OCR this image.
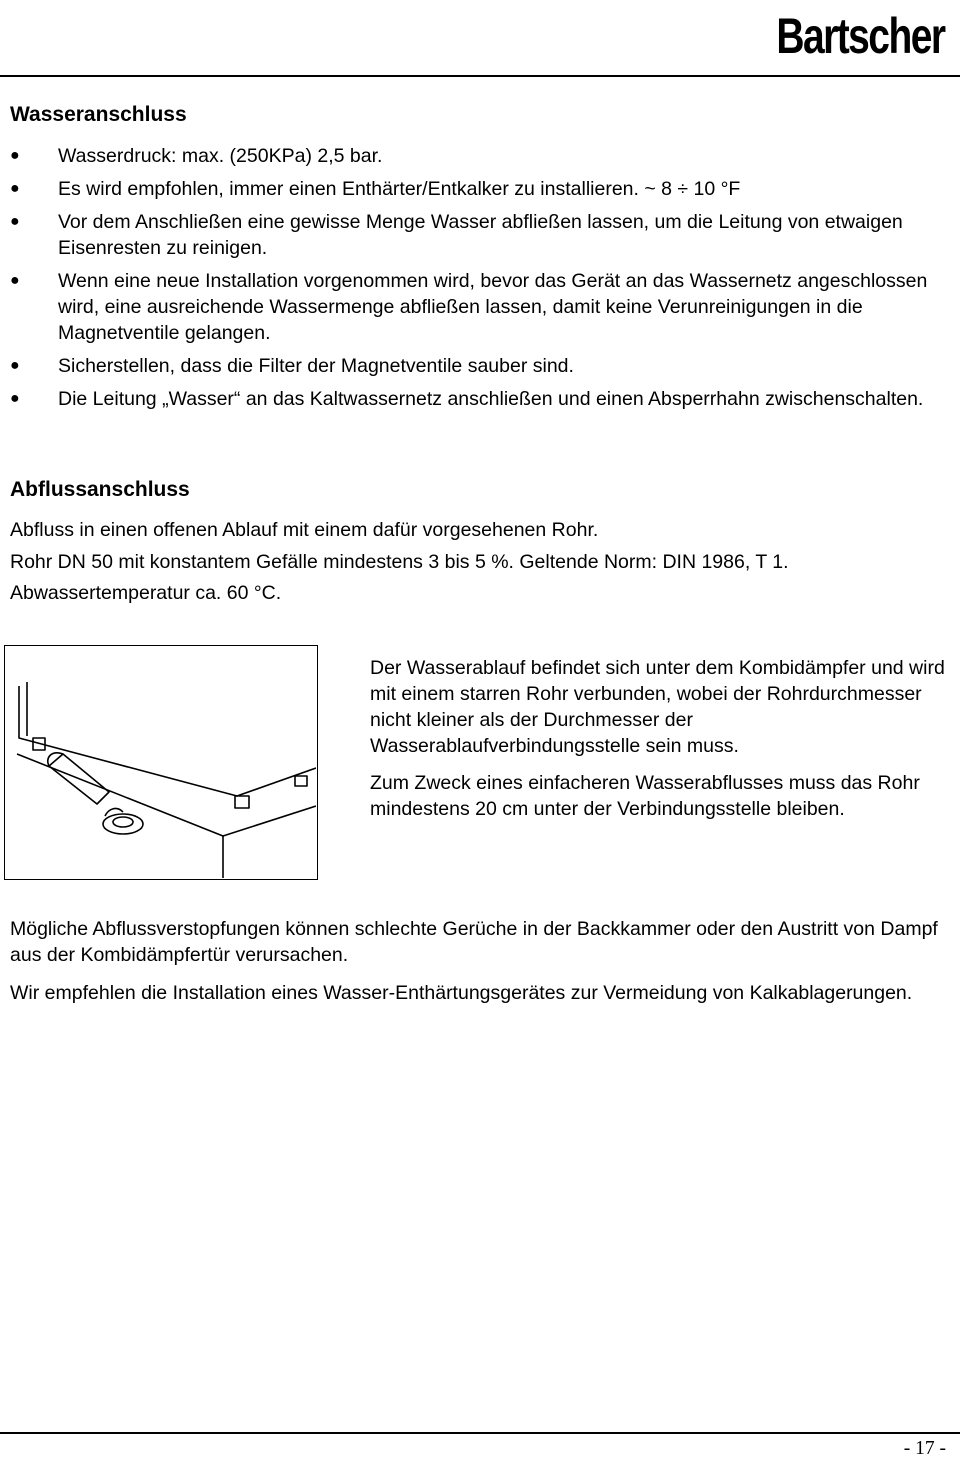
Bartscher
Wasseranschluss
● Wasserdruck: max. (250KPa) 2,5 bar.
● Es wird empfohlen, immer einen Enthärter/Entkalker zu installieren. ~ 8 ÷ 10 °F
● Vor dem Anschließen eine gewisse Menge Wasser abfließen lassen, um die Leitung von etwaigen Eisenresten zu reinigen.
● Wenn eine neue Installation vorgenommen wird, bevor das Gerät an das Wassernetz angeschlossen wird, eine ausreichende Wassermenge abfließen lassen, damit keine Verunreinigungen in die Magnetventile gelangen.
● Sicherstellen, dass die Filter der Magnetventile sauber sind.
● Die Leitung „Wasser“ an das Kaltwassernetz anschließen und einen Absperrhahn zwischenschalten.
Abflussanschluss

Abfluss in einen offenen Ablauf mit einem dafür vorgesehenen Rohr.

Rohr DN 50 mit konstantem Gefälle mindestens 3 bis 5 %. Geltende Norm: DIN 1986, T 1.

Abwassertemperatur ca. 60 °C.

Der Wasserablauf befindet sich unter dem Kombidämpfer und wird mit einem starren Rohr verbunden, wobei der Rohrdurchmesser nicht kleiner als der Durchmesser der Wasserablaufverbindungsstelle sein muss.

Zum Zweck eines einfacheren Wasserabflusses muss das Rohr mindestens 20 cm unter der Verbindungsstelle bleiben.

Mögliche Abflussverstopfungen können schlechte Gerüche in der Backkammer oder den Austritt von Dampf aus der Kombidämpfertür verursachen.

Wir empfehlen die Installation eines Wasser-Enthärtungsgerätes zur Vermeidung von Kalkablagerungen.

- 17 -
